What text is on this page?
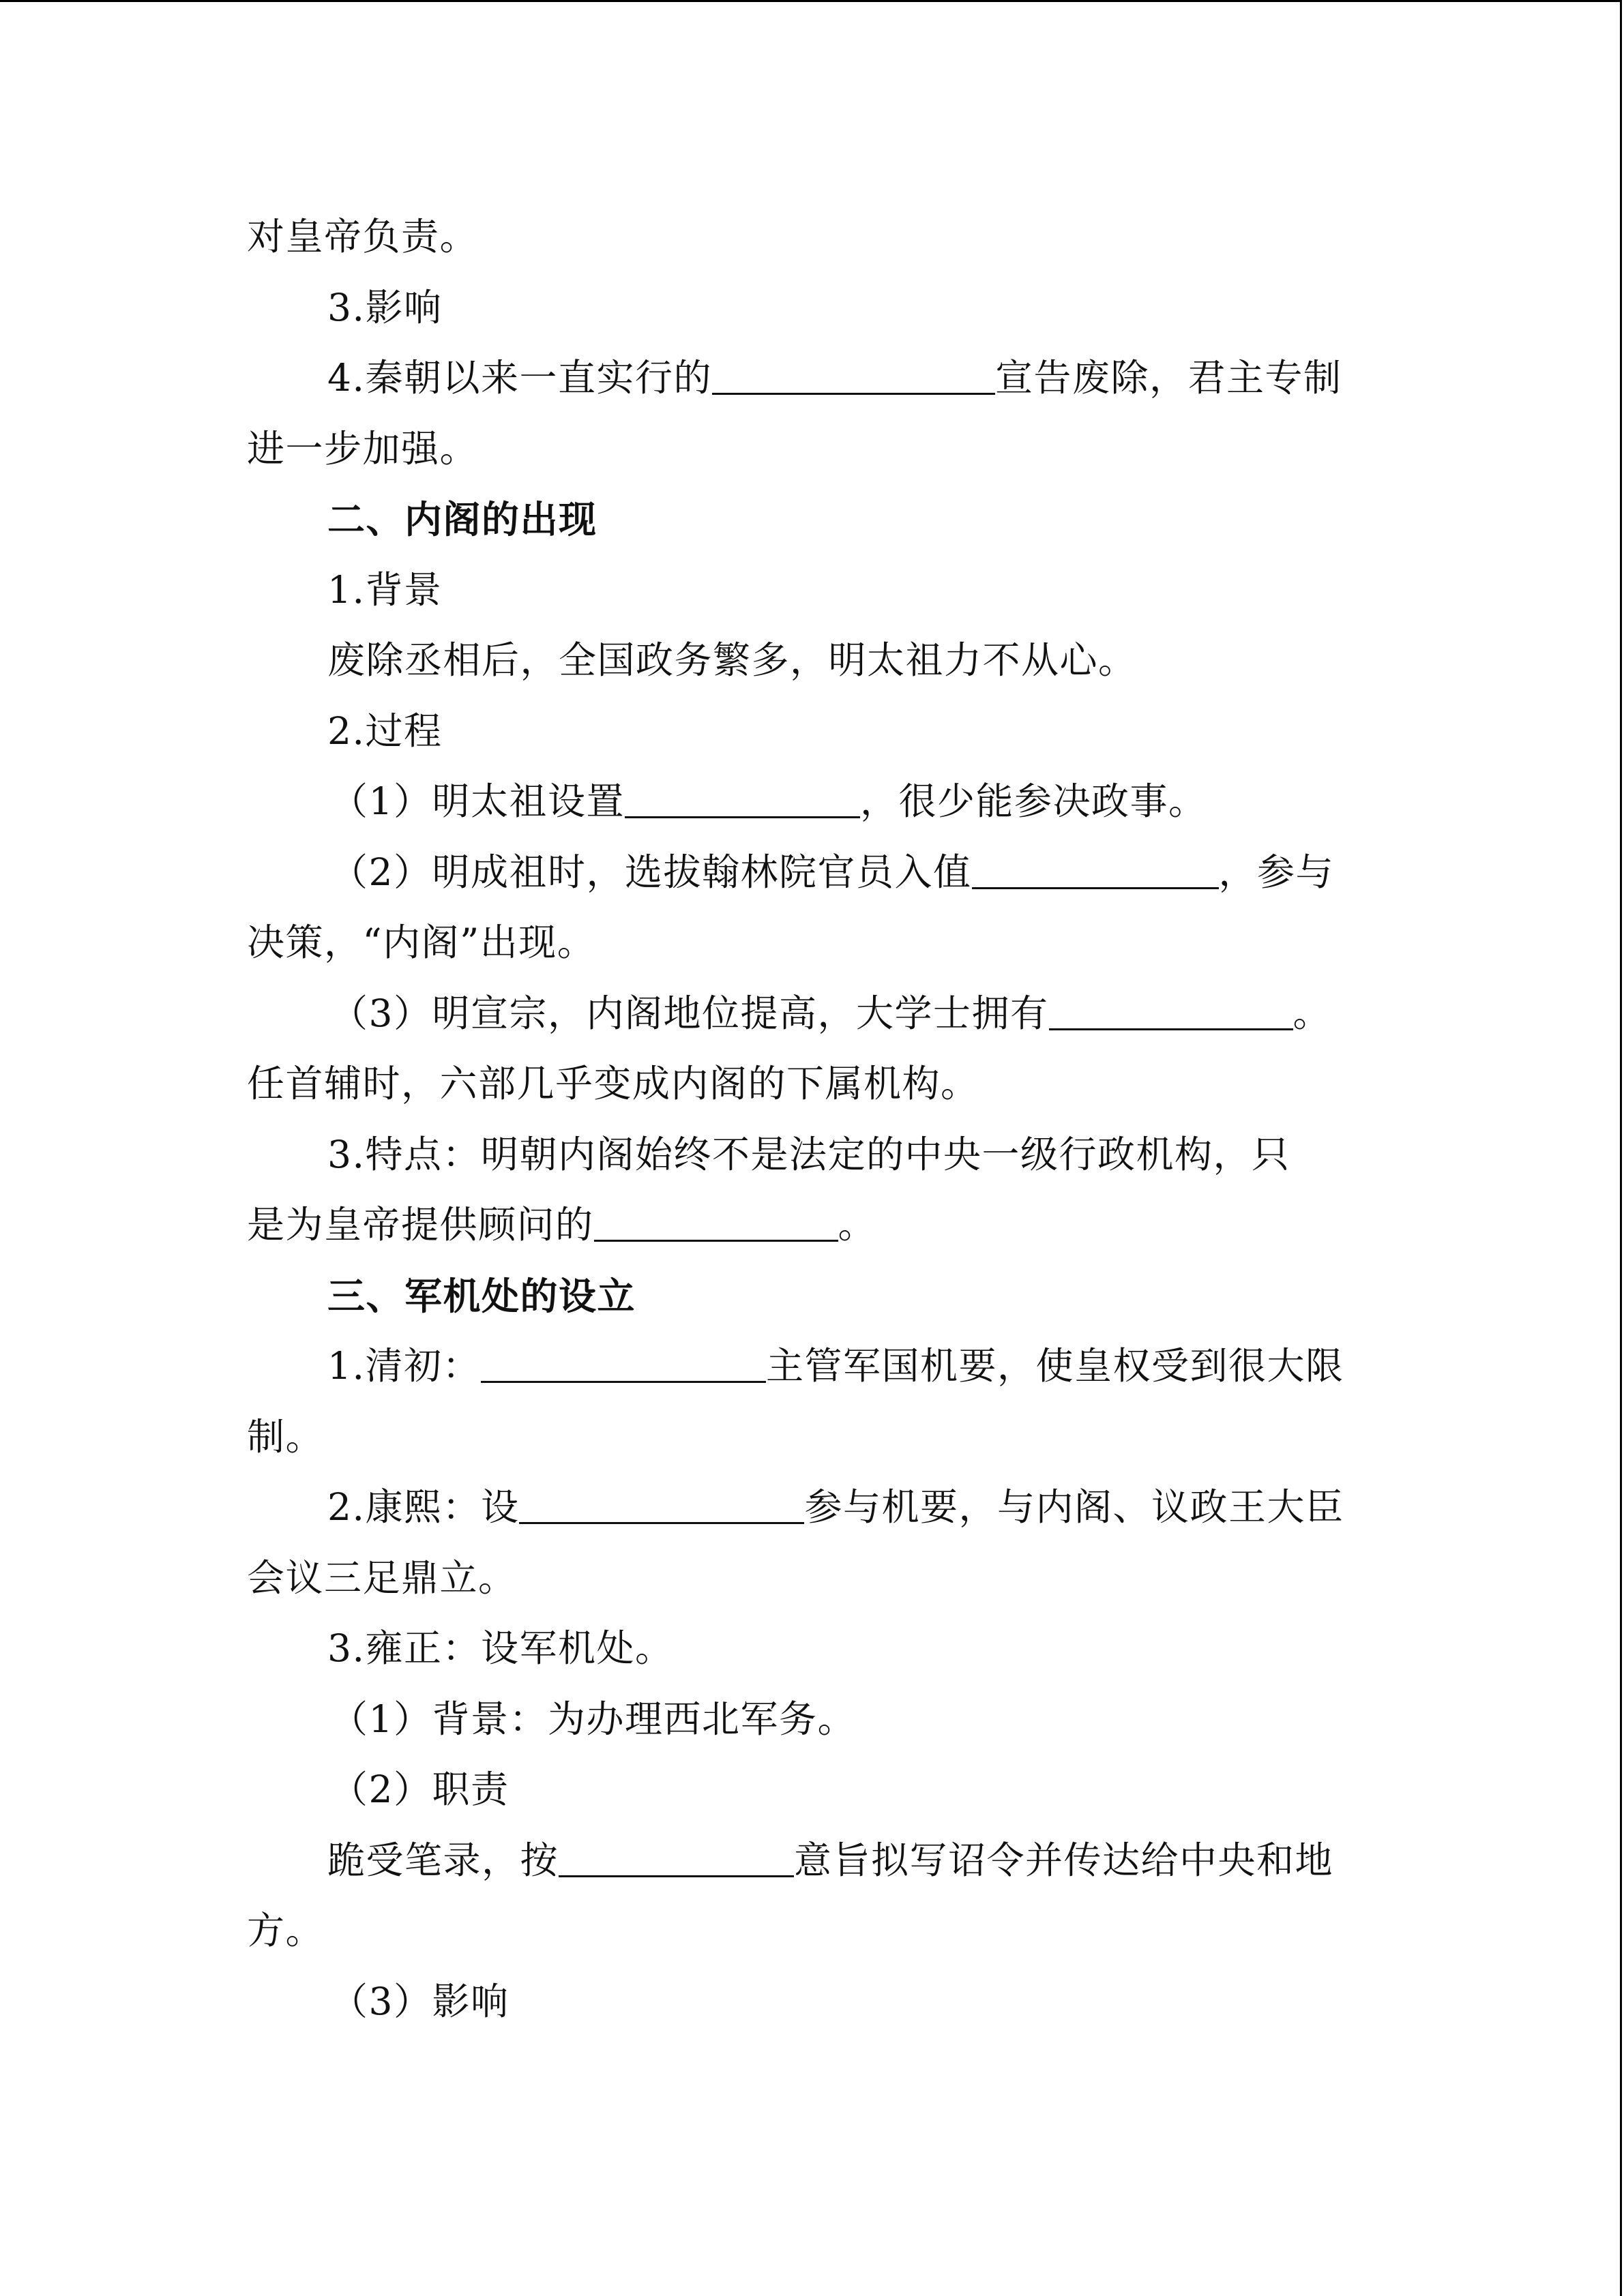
对皇帝负责。
3.影响
4.秦朝以来一直实行的	宣告废除，君主专制
进一步加强。
二、内阁的出现
1.背景
废除丞相后，全国政务繁多，明太祖力不从心。
2.过程
（1）明太祖设置	，很少能参决政事。
（2）明成祖时，选拔翰林院官员入值	，参与
决策，“内阁”出现。
（3）明宣宗，内阁地位提高，大学士拥有	。
任首辅时，六部几乎变成内阁的下属机构。
3.特点：明朝内阁始终不是法定的中央一级行政机构，只
是为皇帝提供顾问的	。
三、军机处的设立
1.清初：	主管军国机要，使皇权受到很大限
制。
2.康熙：设	参与机要，与内阁、议政王大臣
会议三足鼎立。
3.雍正：设军机处。
（1）背景：为办理西北军务。
（2）职责
跪受笔录，按	意旨拟写诏令并传达给中央和地
方。
（3）影响
